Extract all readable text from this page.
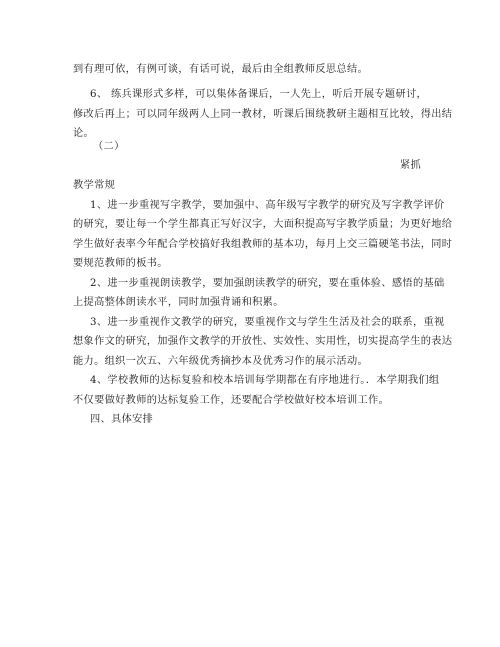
到有理可依，有例可谈，有话可说，最后由全组教师反思总结。
6、 练兵课形式多样，可以集体备课后，一人先上，听后开展专题研讨，
修改后再上；可以同年级两人上同一教材，听课后围绕教研主题相互比较，得出结
论。
（二）
紧抓
教学常规
1、进一步重视写字教学，要加强中、高年级写字教学的研究及写字教学评价
的研究，要让每一个学生都真正写好汉字，大面积提高写字教学质量；为更好地给
学生做好表率今年配合学校搞好我组教师的基本功，每月上交三篇硬笔书法，同时
要规范教师的板书。
2、进一步重视朗读教学，要加强朗读教学的研究，要在重体验、感悟的基础
上提高整体朗读水平，同时加强背诵和积累。
3、进一步重视作文教学的研究，要重视作文与学生生活及社会的联系，重视
想象作文的研究，加强作文教学的开放性、实效性、实用性，切实提高学生的表达
能力。组织一次五、六年级优秀摘抄本及优秀习作的展示活动。
4、学校教师的达标复验和校本培训每学期都在有序地进行。．本学期我们组
不仅要做好教师的达标复验工作，还要配合学校做好校本培训工作。
四、具体安排
